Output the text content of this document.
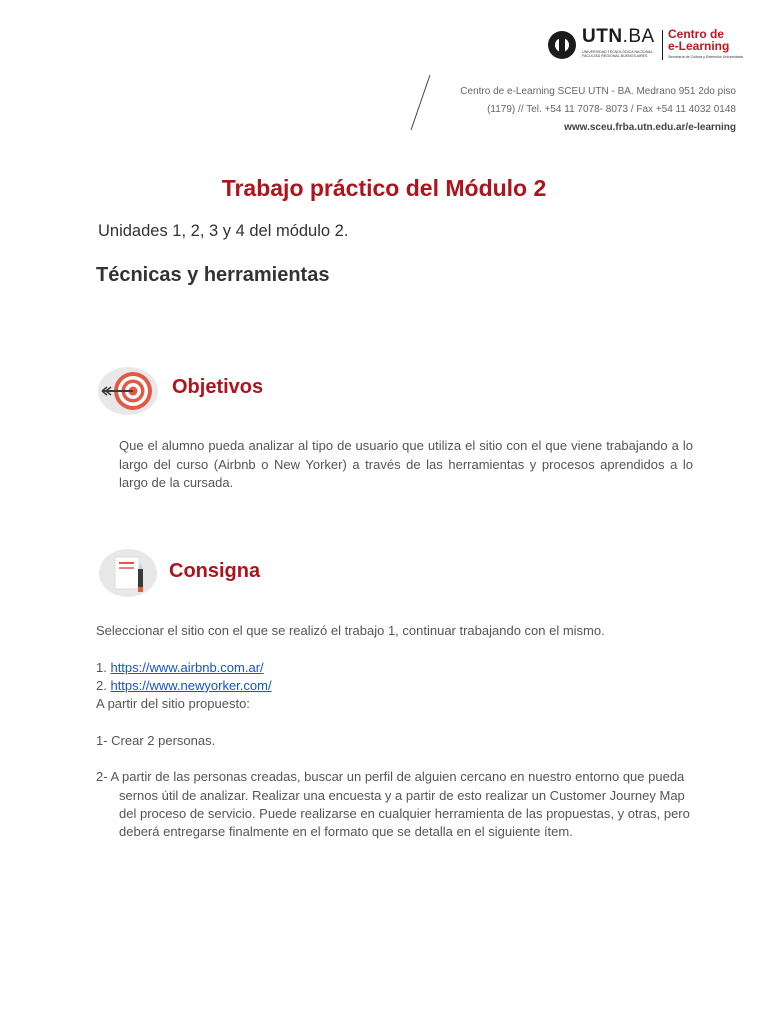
UTN.BA
UNIVERSIDAD TECNOLÓGICA NACIONAL FACULTAD REGIONAL BUENOS AIRES
Centro de
e-Learning
Secretaría de Cultura y Extensión Universitaria
Centro de e-Learning SCEU UTN - BA. Medrano 951 2do piso
(1179) // Tel. +54 11 7078- 8073 / Fax +54 11 4032 0148
www.sceu.frba.utn.edu.ar/e-learning
Trabajo práctico del Módulo 2
Unidades 1, 2, 3 y 4 del módulo 2.
Técnicas y herramientas
Objetivos
Que el alumno pueda analizar al tipo de usuario que utiliza el sitio con el que viene trabajando a lo largo del curso (Airbnb o New Yorker) a través de las herramientas y procesos aprendidos a lo largo de la cursada.
Consigna

Seleccionar el sitio con el que se realizó el trabajo 1, continuar trabajando con el mismo.

1. https://www.airbnb.com.ar/

2. https://www.newyorker.com/

A partir del sitio propuesto:

1- Crear 2 personas.

2- A partir de las personas creadas, buscar un perfil de alguien cercano en nuestro entorno que pueda sernos útil de analizar. Realizar una encuesta y a partir de esto realizar un Customer Journey Map del proceso de servicio. Puede realizarse en cualquier herramienta de las propuestas, y otras, pero deberá entregarse finalmente en el formato que se detalla en el siguiente ítem.
